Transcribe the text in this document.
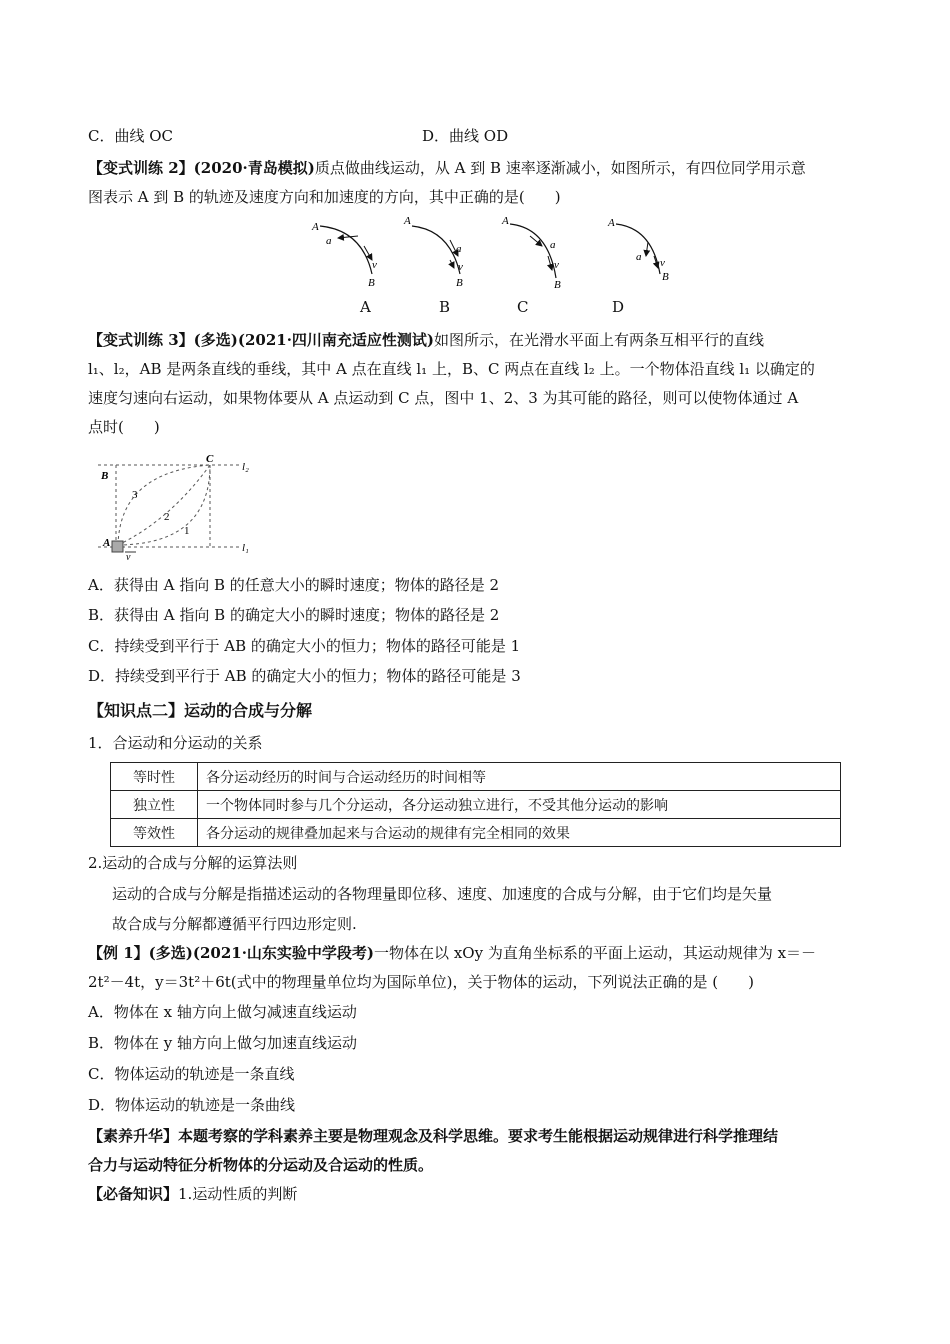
C．曲线 OC	D．曲线 OD
【变式训练 2】(2020·青岛模拟)质点做曲线运动，从 A 到 B 速率逐渐减小，如图所示，有四位同学用示意
图表示 A 到 B 的轨迹及速度方向和加速度的方向，其中正确的是(　　)
A
a
v
B
A
a
v
B
A
a
v
B
A
a v
B
A	B	C	D
【变式训练 3】(多选)(2021·四川南充适应性测试)如图所示，在光滑水平面上有两条互相平行的直线
l₁、l₂，AB 是两条直线的垂线，其中 A 点在直线 l₁ 上，B、C 两点在直线 l₂ 上。一个物体沿直线 l₁ 以确定的
速度匀速向右运动，如果物体要从 A 点运动到 C 点，图中 1、2、3 为其可能的路径，则可以使物体通过 A
点时(　　)
C
B
A
l₂
l₁
3
2
1
v
A．获得由 A 指向 B 的任意大小的瞬时速度；物体的路径是 2
B．获得由 A 指向 B 的确定大小的瞬时速度；物体的路径是 2
C．持续受到平行于 AB 的确定大小的恒力；物体的路径可能是 1
D．持续受到平行于 AB 的确定大小的恒力；物体的路径可能是 3
【知识点二】运动的合成与分解
1．合运动和分运动的关系
等时性	各分运动经历的时间与合运动经历的时间相等
独立性	一个物体同时参与几个分运动，各分运动独立进行，不受其他分运动的影响
等效性	各分运动的规律叠加起来与合运动的规律有完全相同的效果
2.运动的合成与分解的运算法则
运动的合成与分解是指描述运动的各物理量即位移、速度、加速度的合成与分解，由于它们均是矢量
故合成与分解都遵循平行四边形定则.
【例 1】(多选)(2021·山东实验中学段考)一物体在以 xOy 为直角坐标系的平面上运动，其运动规律为 x＝－
2t²－4t，y＝3t²＋6t(式中的物理量单位均为国际单位)，关于物体的运动，下列说法正确的是 (　　)
A．物体在 x 轴方向上做匀减速直线运动
B．物体在 y 轴方向上做匀加速直线运动
C．物体运动的轨迹是一条直线
D．物体运动的轨迹是一条曲线
【素养升华】本题考察的学科素养主要是物理观念及科学思维。要求考生能根据运动规律进行科学推理结
合力与运动特征分析物体的分运动及合运动的性质。
【必备知识】1.运动性质的判断
